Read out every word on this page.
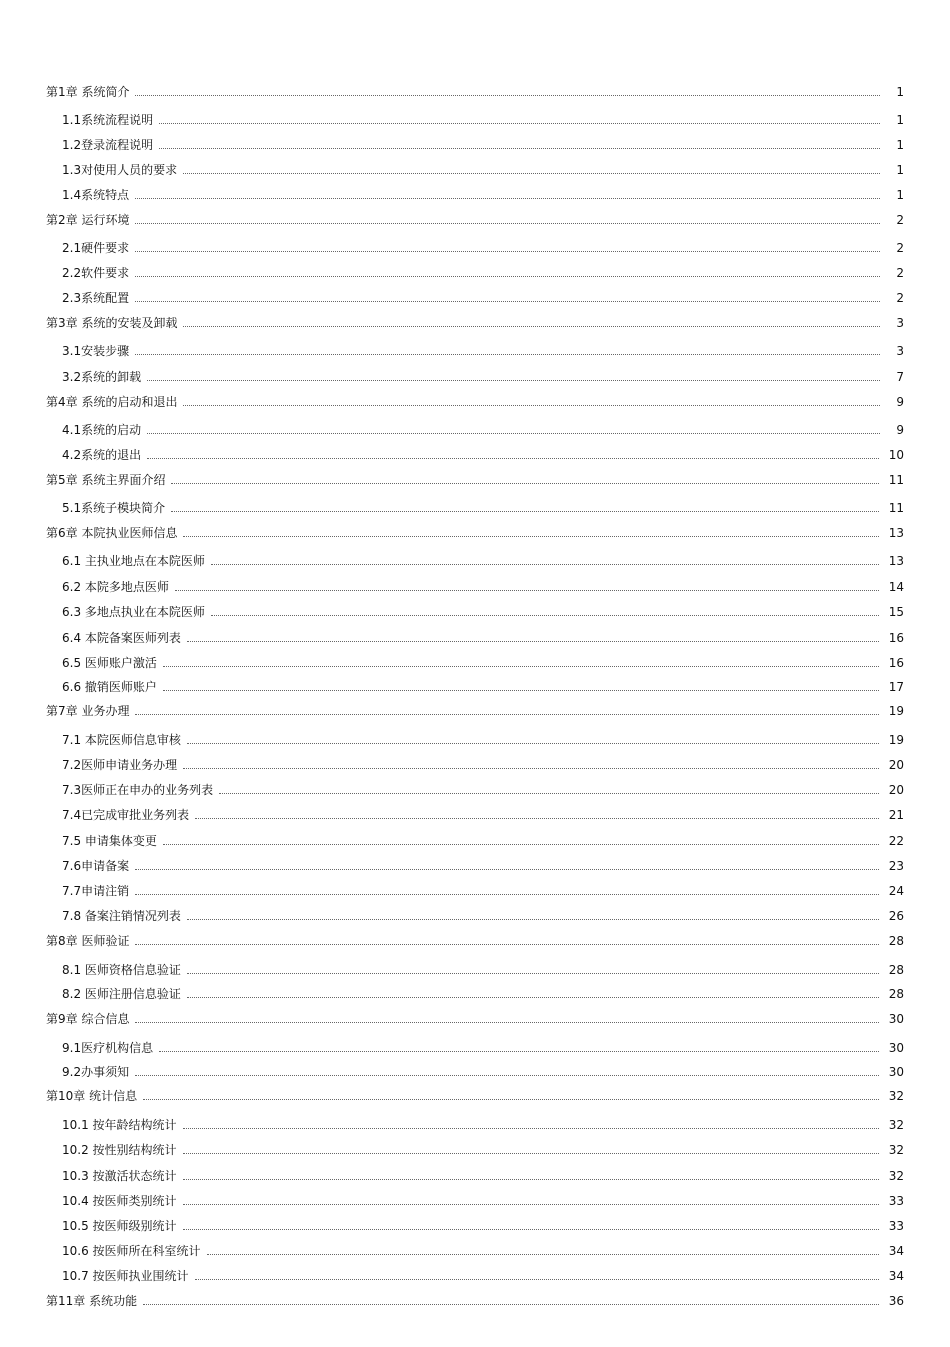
第1章 系统简介	1
1.1系统流程说明	1
1.2登录流程说明	1
1.3对使用人员的要求	1
1.4系统特点	1
第2章 运行环境	2
2.1硬件要求	2
2.2软件要求	2
2.3系统配置	2
第3章 系统的安装及卸载	3
3.1安装步骤	3
3.2系统的卸载	7
第4章 系统的启动和退出	9
4.1系统的启动	9
4.2系统的退出	10
第5章 系统主界面介绍	11
5.1系统子模块简介	11
第6章 本院执业医师信息	13
6.1 主执业地点在本院医师	13
6.2 本院多地点医师	14
6.3 多地点执业在本院医师	15
6.4 本院备案医师列表	16
6.5 医师账户激活	16
6.6 撤销医师账户	17
第7章 业务办理	19
7.1 本院医师信息审核	19
7.2医师申请业务办理	20
7.3医师正在申办的业务列表	20
7.4已完成审批业务列表	21
7.5 申请集体变更	22
7.6申请备案	23
7.7申请注销	24
7.8 备案注销情况列表	26
第8章 医师验证	28
8.1 医师资格信息验证	28
8.2 医师注册信息验证	28
第9章 综合信息	30
9.1医疗机构信息	30
9.2办事须知	30
第10章 统计信息	32
10.1 按年龄结构统计	32
10.2 按性别结构统计	32
10.3 按激活状态统计	32
10.4 按医师类别统计	33
10.5 按医师级别统计	33
10.6 按医师所在科室统计	34
10.7 按医师执业围统计	34
第11章 系统功能	36
